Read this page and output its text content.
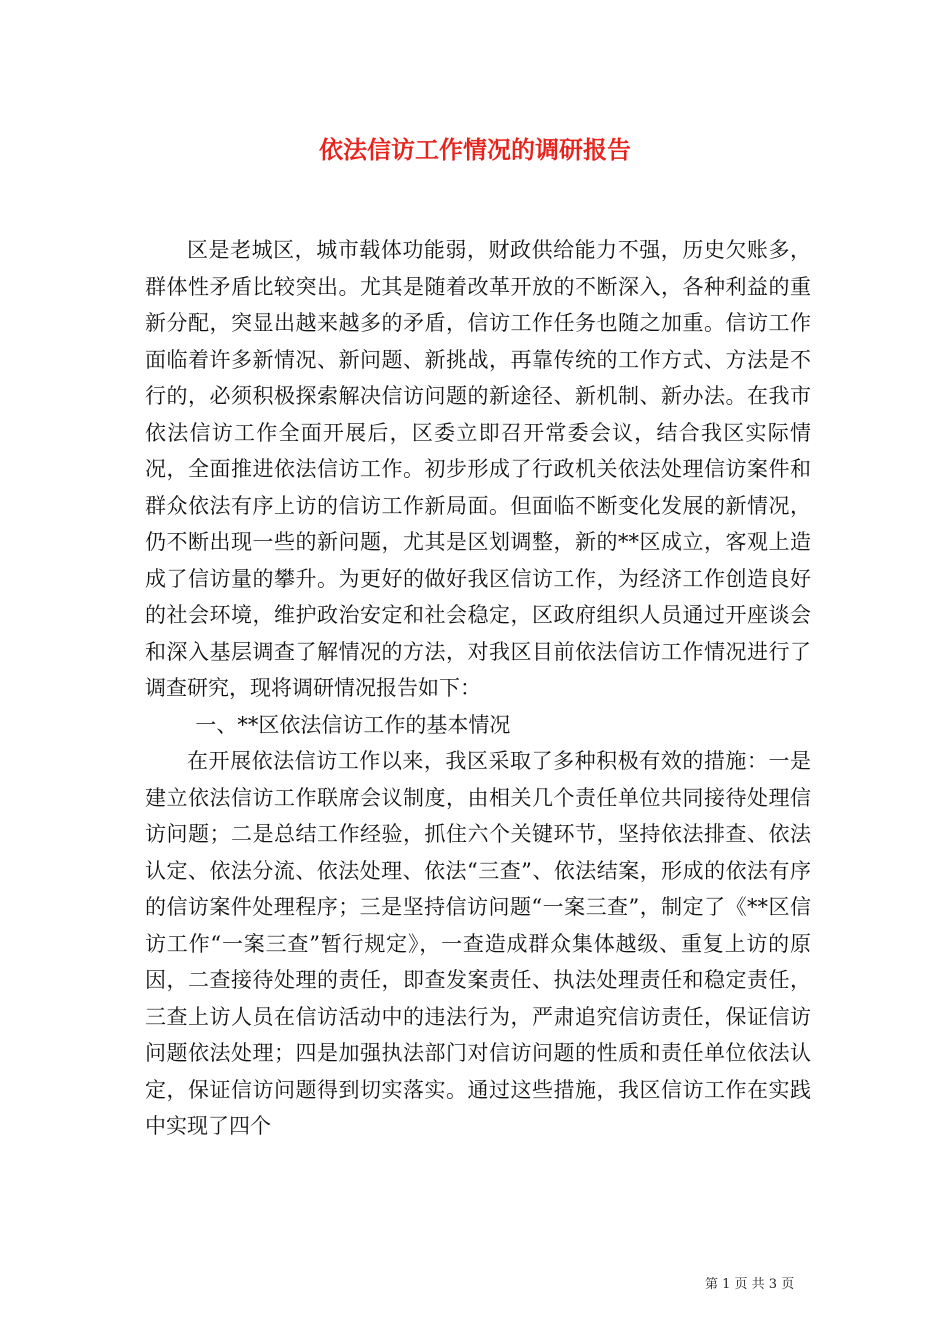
依法信访工作情况的调研报告

区是老城区，城市载体功能弱，财政供给能力不强，历史欠账多，群体性矛盾比较突出。尤其是随着改革开放的不断深入，各种利益的重新分配，突显出越来越多的矛盾，信访工作任务也随之加重。信访工作面临着许多新情况、新问题、新挑战，再靠传统的工作方式、方法是不行的，必须积极探索解决信访问题的新途径、新机制、新办法。在我市依法信访工作全面开展后，区委立即召开常委会议，结合我区实际情况，全面推进依法信访工作。初步形成了行政机关依法处理信访案件和群众依法有序上访的信访工作新局面。但面临不断变化发展的新情况，仍不断出现一些的新问题，尤其是区划调整，新的**区成立，客观上造成了信访量的攀升。为更好的做好我区信访工作，为经济工作创造良好的社会环境，维护政治安定和社会稳定，区政府组织人员通过开座谈会和深入基层调查了解情况的方法，对我区目前依法信访工作情况进行了调查研究，现将调研情况报告如下：

一、**区依法信访工作的基本情况

在开展依法信访工作以来，我区采取了多种积极有效的措施：一是建立依法信访工作联席会议制度，由相关几个责任单位共同接待处理信访问题；二是总结工作经验，抓住六个关键环节，坚持依法排查、依法认定、依法分流、依法处理、依法“三查”、依法结案，形成的依法有序的信访案件处理程序；三是坚持信访问题“一案三查”，制定了《**区信访工作“一案三查”暂行规定》，一查造成群众集体越级、重复上访的原因，二查接待处理的责任，即查发案责任、执法处理责任和稳定责任，三查上访人员在信访活动中的违法行为，严肃追究信访责任，保证信访问题依法处理；四是加强执法部门对信访问题的性质和责任单位依法认定，保证信访问题得到切实落实。通过这些措施，我区信访工作在实践中实现了四个

第 1 页 共 3 页
